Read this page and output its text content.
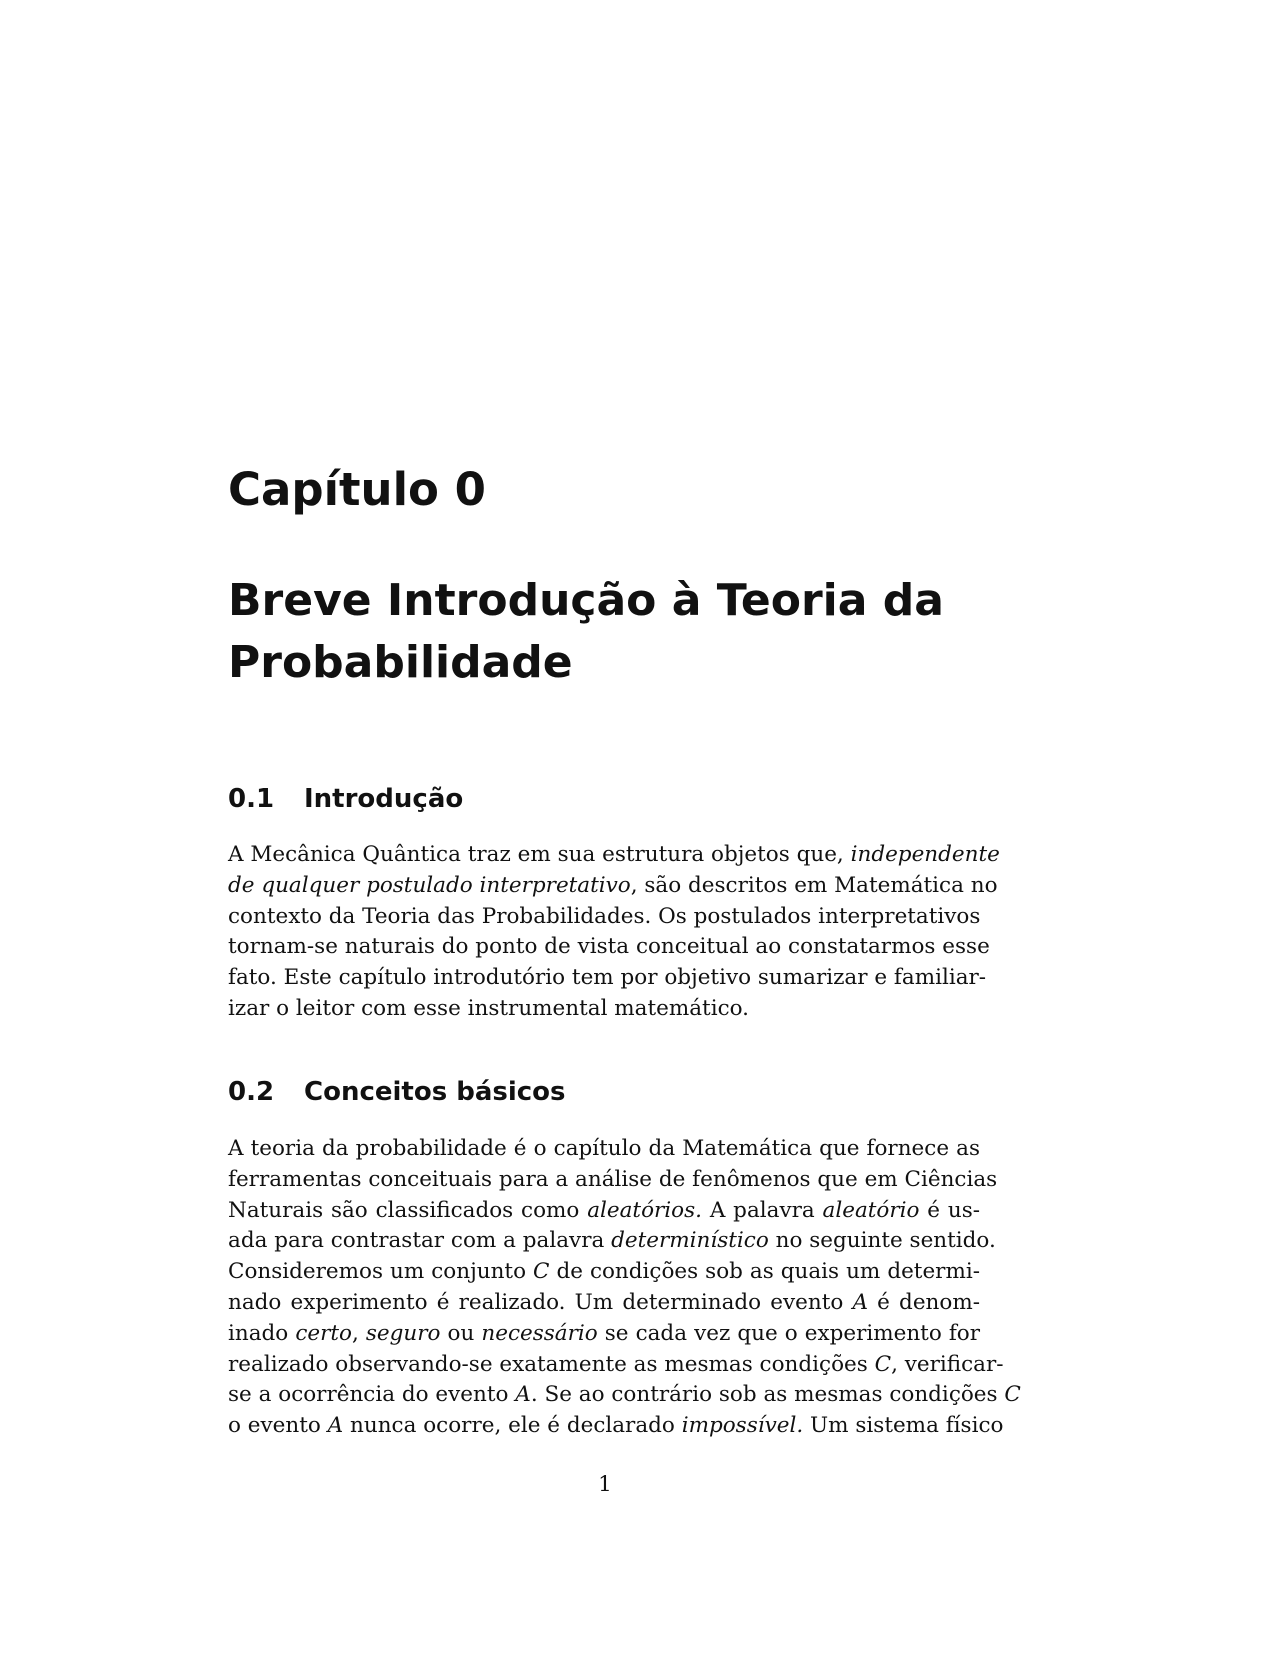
Capítulo 0
Breve Introdução à Teoria da Probabilidade
0.1 Introdução

A Mecânica Quântica traz em sua estrutura objetos que, independente
de qualquer postulado interpretativo, são descritos em Matemática no
contexto da Teoria das Probabilidades. Os postulados interpretativos
tornam-se naturais do ponto de vista conceitual ao constatarmos esse
fato. Este capítulo introdutório tem por objetivo sumarizar e familiar-
izar o leitor com esse instrumental matemático.

0.2 Conceitos básicos

A teoria da probabilidade é o capítulo da Matemática que fornece as
ferramentas conceituais para a análise de fenômenos que em Ciências
Naturais são classificados como aleatórios. A palavra aleatório é us-
ada para contrastar com a palavra determinístico no seguinte sentido.
Consideremos um conjunto C de condições sob as quais um determi-
nado experimento é realizado. Um determinado evento A é denom-
inado certo, seguro ou necessário se cada vez que o experimento for
realizado observando-se exatamente as mesmas condições C, verificar-
se a ocorrência do evento A. Se ao contrário sob as mesmas condições C
o evento A nunca ocorre, ele é declarado impossível. Um sistema físico

1
